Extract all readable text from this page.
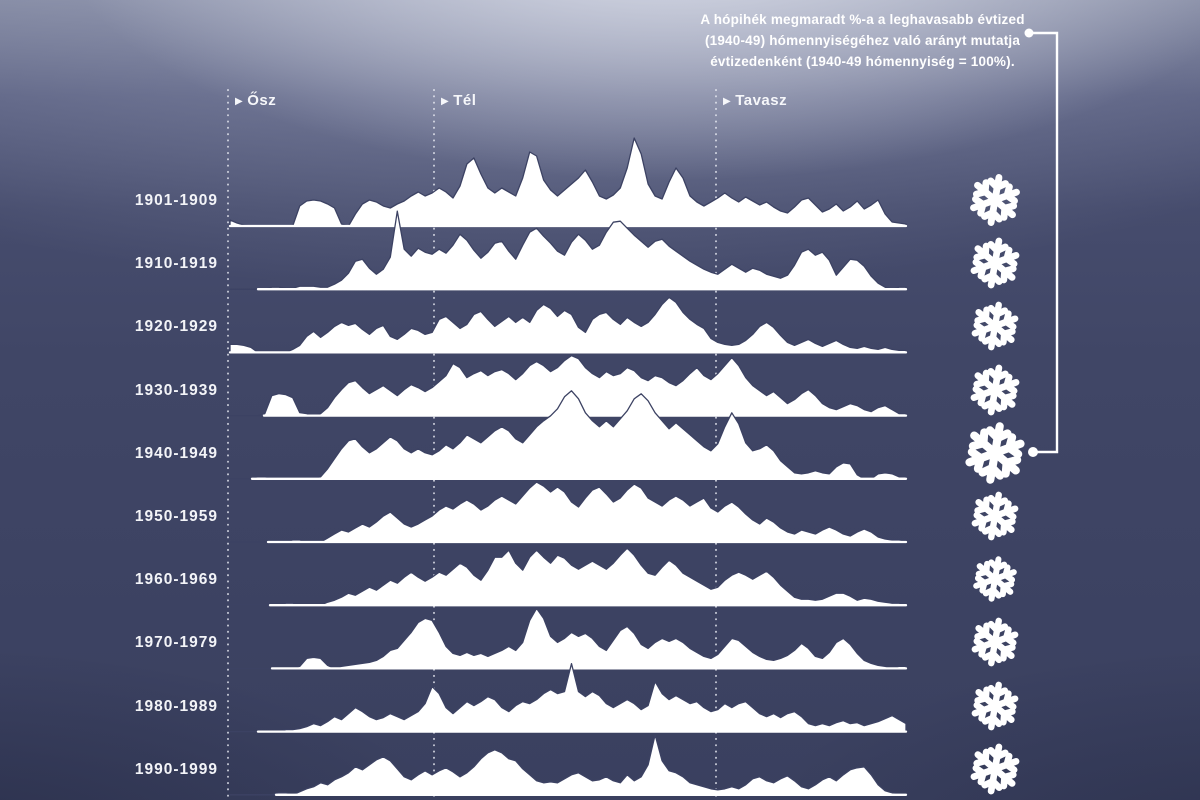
A hópihék megmaradt %-a a leghavasabb évtized
(1940-49) hómennyiségéhez való arányt mutatja
évtizedenként (1940-49 hómennyiség = 100%).
1901-1909
1910-1919
1920-1929
1930-1939
1940-1949
1950-1959
1960-1969
1970-1979
1980-1989
1990-1999
▶ Ősz	▶ Tél	▶ Tavasz
